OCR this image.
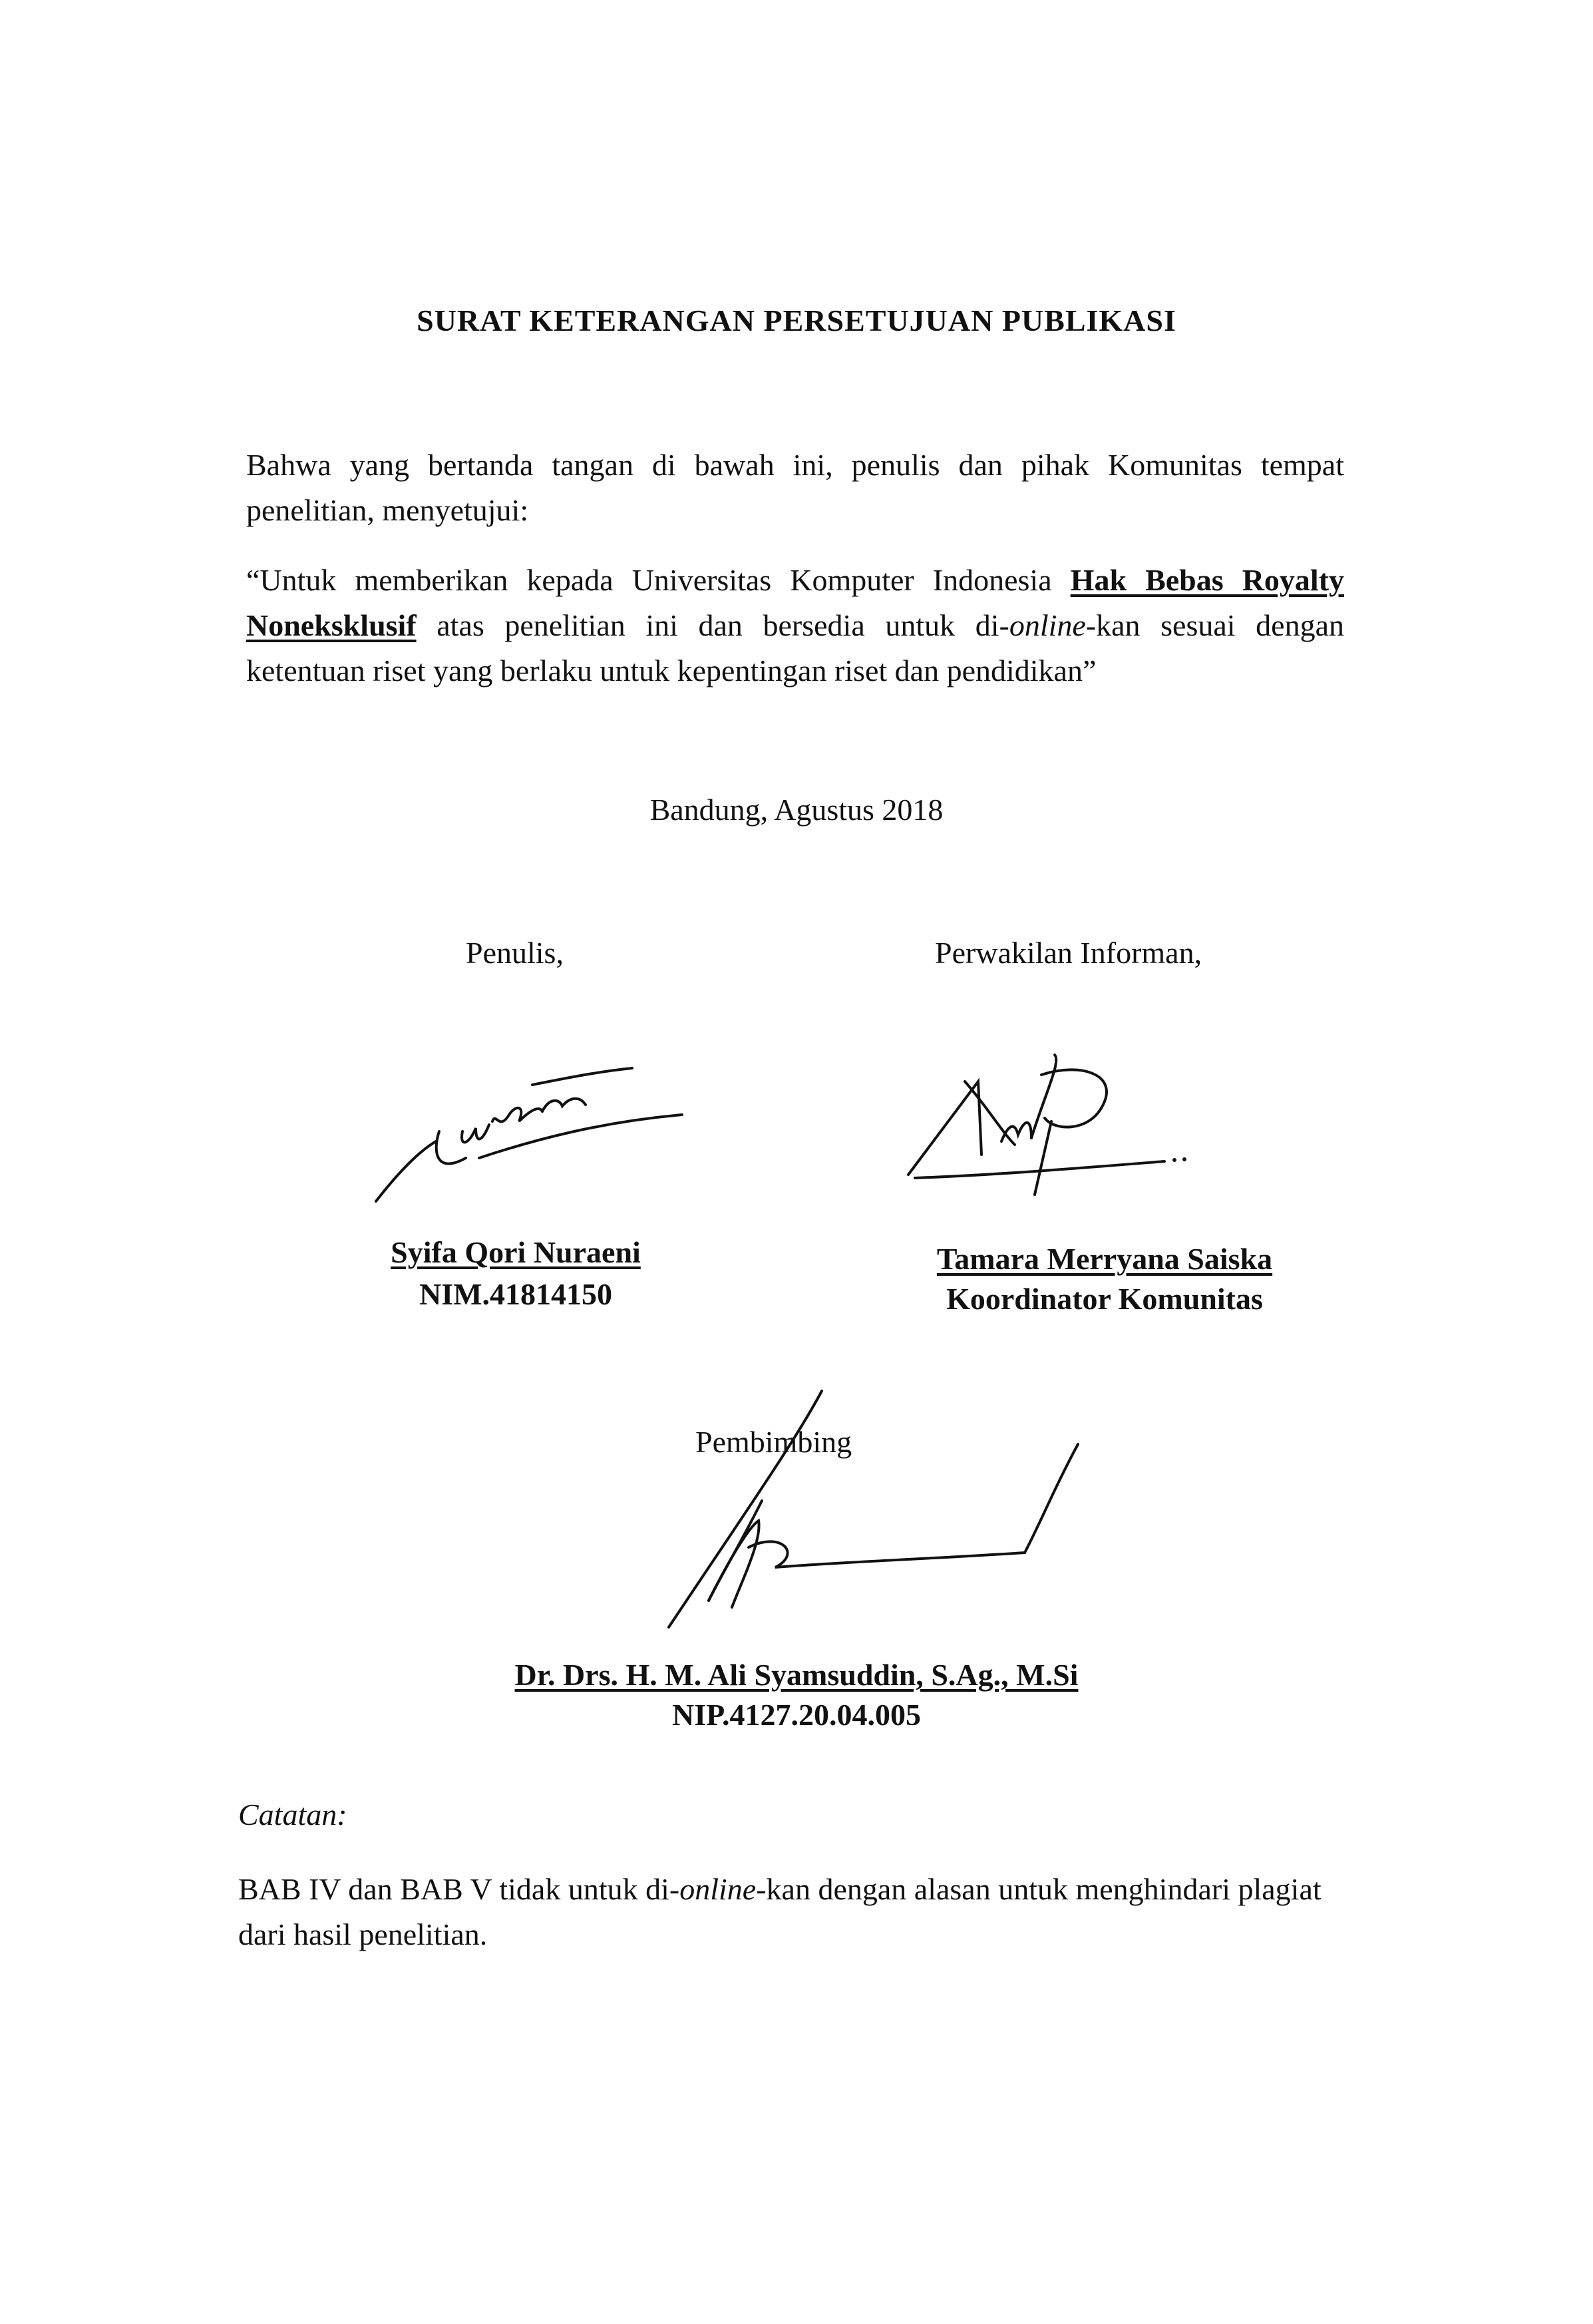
SURAT KETERANGAN PERSETUJUAN PUBLIKASI
Bahwa yang bertanda tangan di bawah ini, penulis dan pihak Komunitas tempat penelitian, menyetujui:
“Untuk memberikan kepada Universitas Komputer Indonesia Hak Bebas Royalty Noneksklusif atas penelitian ini dan bersedia untuk di-online-kan sesuai dengan ketentuan riset yang berlaku untuk kepentingan riset dan pendidikan”
Bandung, Agustus 2018
Penulis,	Perwakilan Informan,
Syifa Qori Nuraeni
NIM.41814150
Tamara Merryana Saiska
Koordinator Komunitas
Pembimbing
Dr. Drs. H. M. Ali Syamsuddin, S.Ag., M.Si
NIP.4127.20.04.005
Catatan:
BAB IV dan BAB V tidak untuk di-online-kan dengan alasan untuk menghindari plagiat dari hasil penelitian.
